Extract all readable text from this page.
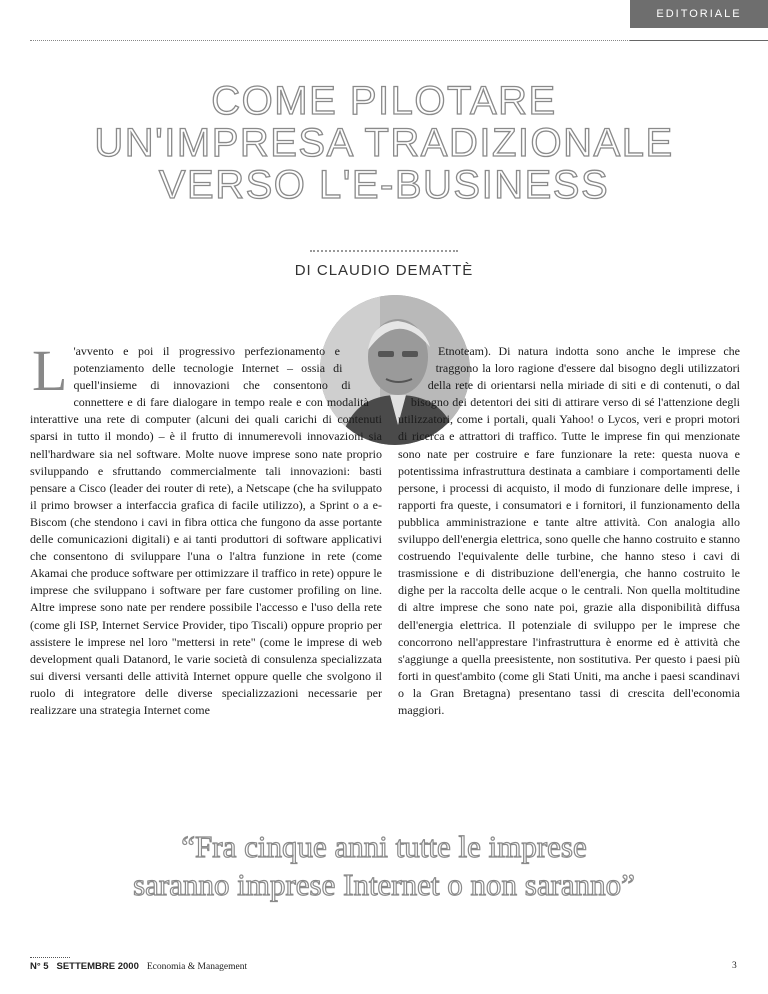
EDITORIALE
COME PILOTARE
UN'IMPRESA TRADIZIONALE
VERSO L'E-BUSINESS
DI CLAUDIO DEMATTÈ

L 'avvento e poi il progressivo perfezionamento e potenziamento delle tecnologie Internet – ossia di quell'insieme di innovazioni che consentono di connettere e di fare dialogare in tempo reale e con modalità interattive una rete di computer (alcuni dei quali carichi di contenuti sparsi in tutto il mondo) – è il frutto di innumerevoli innovazioni sia nell'hardware sia nel software. Molte nuove imprese sono nate proprio sviluppando e sfruttando commercialmente tali innovazioni: basti pensare a Cisco (leader dei router di rete), a Netscape (che ha sviluppato il primo browser a interfaccia grafica di facile utilizzo), a Sprint o a e-Biscom (che stendono i cavi in fibra ottica che fungono da asse portante delle comunicazioni digitali) e ai tanti produttori di software applicativi che consentono di sviluppare l'una o l'altra funzione in rete (come Akamai che produce software per ottimizzare il traffico in rete) oppure le imprese che sviluppano i software per fare customer profiling on line. Altre imprese sono nate per rendere possibile l'accesso e l'uso della rete (come gli ISP, Internet Service Provider, tipo Tiscali) oppure proprio per assistere le imprese nel loro "mettersi in rete" (come le imprese di web development quali Datanord, le varie società di consulenza specializzata sui diversi versanti delle attività Internet oppure quelle che svolgono il ruolo di integratore delle diverse specializzazioni necessarie per realizzare una strategia Internet come

Etnoteam). Di natura indotta sono anche le imprese che traggono la loro ragione d'essere dal bisogno degli utilizzatori della rete di orientarsi nella miriade di siti e di contenuti, o dal bisogno dei detentori dei siti di attirare verso di sé l'attenzione degli utilizzatori, come i portali, quali Yahoo! o Lycos, veri e propri motori di ricerca e attrattori di traffico. Tutte le imprese fin qui menzionate sono nate per costruire e fare funzionare la rete: questa nuova e potentissima infrastruttura destinata a cambiare i comportamenti delle persone, i processi di acquisto, il modo di funzionare delle imprese, i rapporti fra queste, i consumatori e i fornitori, il funzionamento della pubblica amministrazione e tante altre attività. Con analogia allo sviluppo dell'energia elettrica, sono quelle che hanno costruito e stanno costruendo l'equivalente delle turbine, che hanno steso i cavi di trasmissione e di distribuzione dell'energia, che hanno costruito le dighe per la raccolta delle acque o le centrali. Non quella moltitudine di altre imprese che sono nate poi, grazie alla disponibilità diffusa dell'energia elettrica. Il potenziale di sviluppo per le imprese che concorrono nell'apprestare l'infrastruttura è enorme ed è attività che s'aggiunge a quella preesistente, non sostitutiva. Per questo i paesi più forti in quest'ambito (come gli Stati Uniti, ma anche i paesi scandinavi o la Gran Bretagna) presentano tassi di crescita dell'economia maggiori.

“Fra cinque anni tutte le imprese
saranno imprese Internet o non saranno”
N° 5   SETTEMBRE 2000 Economia & Management	3
